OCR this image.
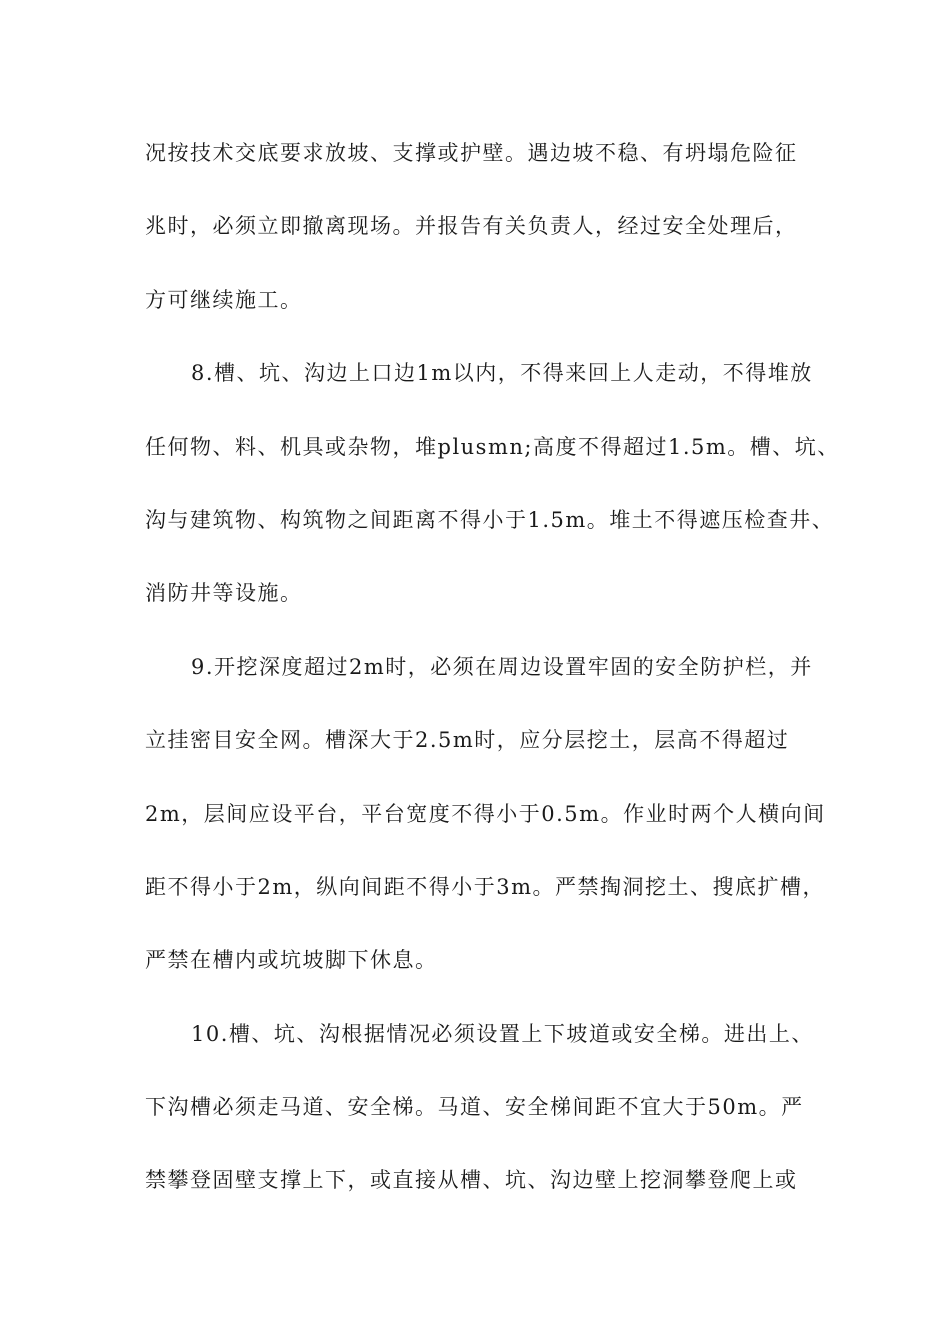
况按技术交底要求放坡、支撑或护壁。遇边坡不稳、有坍塌危险征
兆时，必须立即撤离现场。并报告有关负责人，经过安全处理后，
方可继续施工。
8.槽、坑、沟边上口边1m以内，不得来回上人走动，不得堆放
任何物、料、机具或杂物，堆plusmn;高度不得超过1.5m。槽、坑、
沟与建筑物、构筑物之间距离不得小于1.5m。堆土不得遮压检查井、
消防井等设施。
9.开挖深度超过2m时，必须在周边设置牢固的安全防护栏，并
立挂密目安全网。槽深大于2.5m时，应分层挖土，层高不得超过
2m，层间应设平台，平台宽度不得小于0.5m。作业时两个人横向间
距不得小于2m，纵向间距不得小于3m。严禁掏洞挖土、搜底扩槽，
严禁在槽内或坑坡脚下休息。
10.槽、坑、沟根据情况必须设置上下坡道或安全梯。进出上、
下沟槽必须走马道、安全梯。马道、安全梯间距不宜大于50m。严
禁攀登固壁支撑上下，或直接从槽、坑、沟边壁上挖洞攀登爬上或
